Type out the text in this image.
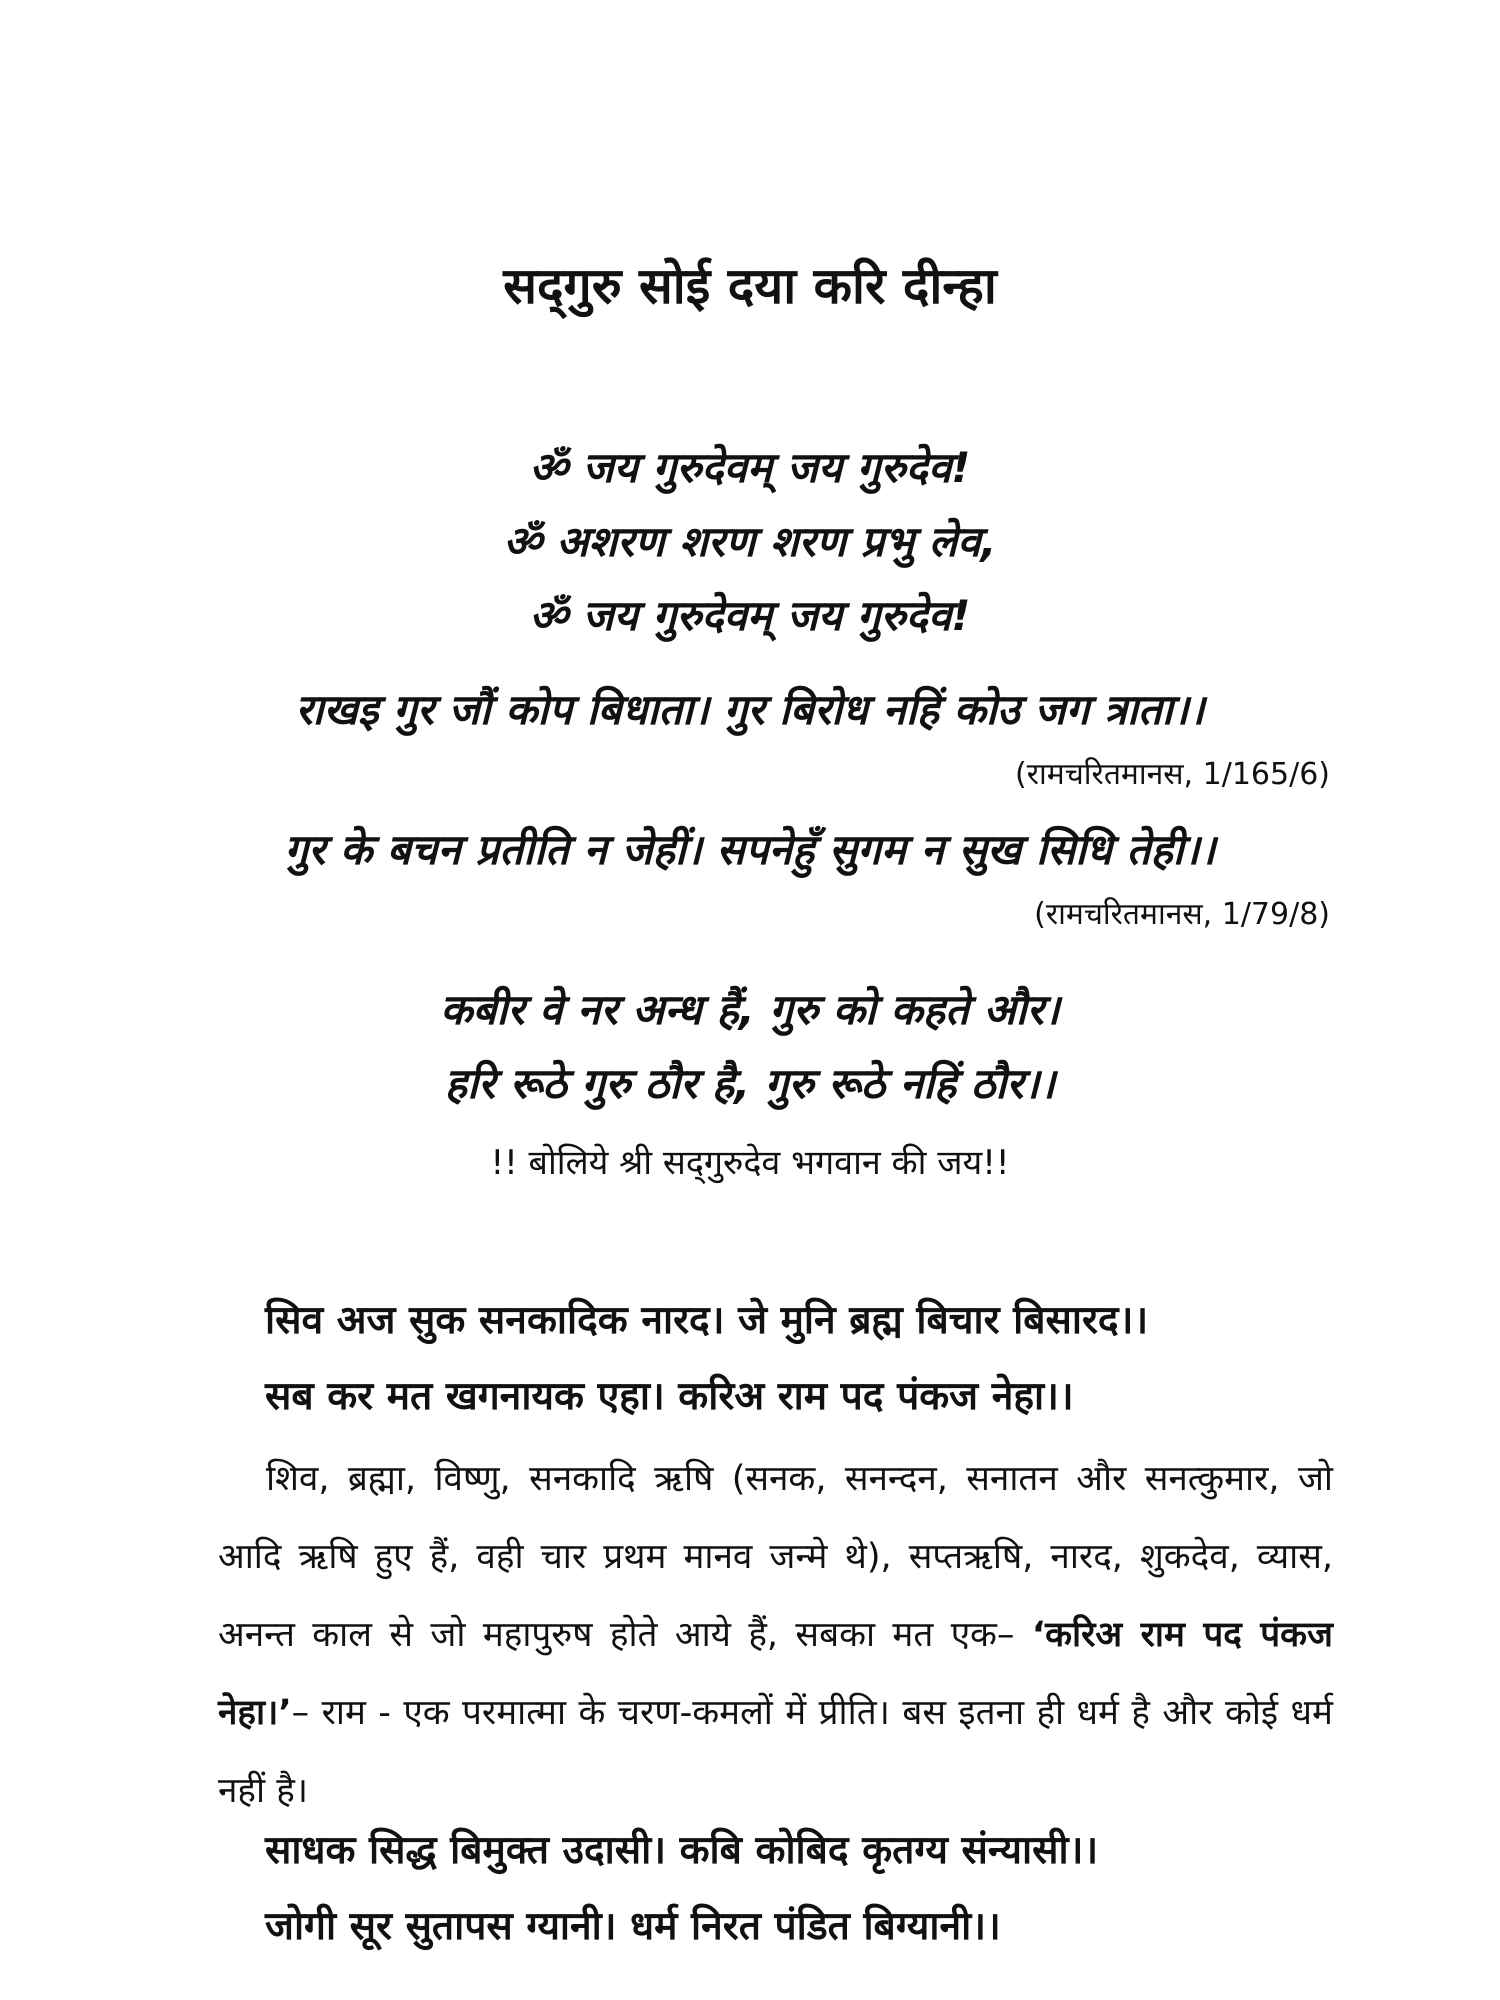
सद्‌गुरु सोई दया करि दीन्हा
ॐ जय गुरुदेवम्‌ जय गुरुदेव!
ॐ अशरण शरण शरण प्रभु लेव,
ॐ जय गुरुदेवम्‌ जय गुरुदेव!
राखइ गुर जौं कोप बिधाता। गुर बिरोध नहिं कोउ जग त्राता।।
(रामचरितमानस, 1/165/6)
गुर के बचन प्रतीति न जेहीं। सपनेहुँ सुगम न सुख सिधि तेही।।
(रामचरितमानस, 1/79/8)
कबीर वे नर अन्ध हैं, गुरु को कहते और।
हरि रूठे गुरु ठौर है, गुरु रूठे नहिं ठौर।।
!! बोलिये श्री सद्‌गुरुदेव भगवान की जय!!
सिव अज सुक सनकादिक नारद। जे मुनि ब्रह्म बिचार बिसारद।।
सब कर मत खगनायक एहा। करिअ राम पद पंकज नेहा।।
शिव, ब्रह्मा, विष्णु, सनकादि ऋषि (सनक, सनन्दन, सनातन और सनत्कुमार, जो आदि ऋषि हुए हैं, वही चार प्रथम मानव जन्मे थे), सप्तऋषि, नारद, शुकदेव, व्यास, अनन्त काल से जो महापुरुष होते आये हैं, सबका मत एक– ‘करिअ राम पद पंकज नेहा।’– राम - एक परमात्मा के चरण-कमलों में प्रीति। बस इतना ही धर्म है और कोई धर्म नहीं है।
साधक सिद्ध बिमुक्त उदासी। कबि कोबिद कृतग्य संन्यासी।।
जोगी सूर सुतापस ग्यानी। धर्म निरत पंडित बिग्यानी।।
